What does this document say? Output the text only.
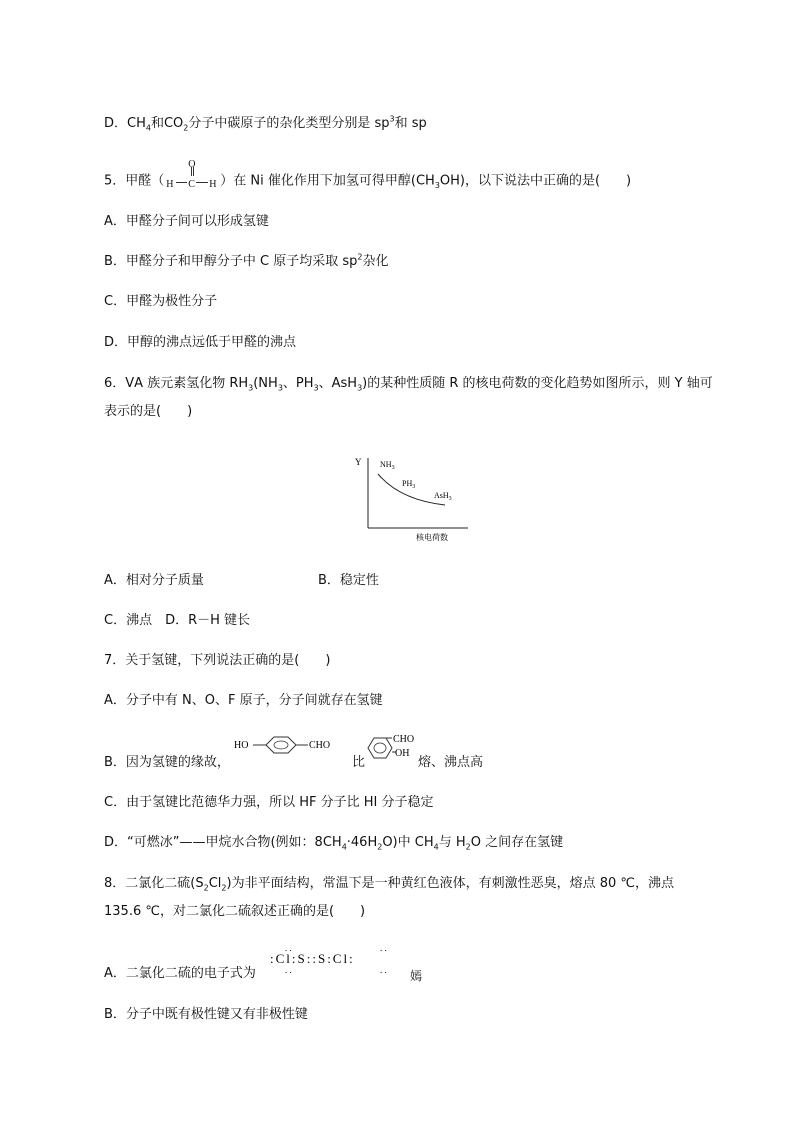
D．$CH_4$和$CO_2$分子中碳原子的杂化类型分别是 $sp^3$和 sp
5．甲醛（
O
H C H ）在 Ni 催化作用下加氢可得甲醇$(CH_3OH)$，以下说法中正确的是(　　)
A．甲醛分子间可以形成氢键
B．甲醛分子和甲醇分子中 C 原子均采取 $sp^2$杂化
C．甲醛为极性分子
D．甲醇的沸点远低于甲醛的沸点
6．ⅤA 族元素氢化物 $RH_3(NH_3$、$PH_3$、AsH$_3$)的某种性质随 R 的核电荷数的变化趋势如图所示，则 Y 轴可
表示的是(　　)
Y
核电荷数
$NH_3$
$PH_3$
AsH$_3$
A．相对分子质量	B．稳定性
C．沸点　D．R－H 键长
7．关于氢键，下列说法正确的是(　　)
A．分子中有 N、O、F 原子，分子间就存在氢键
B．因为氢键的缘故，
HO	CHO
比
CHO
OH
熔、沸点高
C．由于氢键比范德华力强，所以 HF 分子比 HI 分子稳定
D．“可燃冰”——甲烷水合物(例如：$8CH_4\cdot 46H_2O$)中 $CH_4$与 $H_2O$ 之间存在氢键
8．二氯化二硫$(S_2Cl_2)$为非平面结构，常温下是一种黄红色液体，有刺激性恶臭，熔点 80 ℃，沸点
135.6 ℃，对二氯化二硫叙述正确的是(　　)
A．二氯化二硫的电子式为
:Cl:S::S:Cl:
. .
. .
. .
. . 嫣
B．分子中既有极性键又有非极性键
